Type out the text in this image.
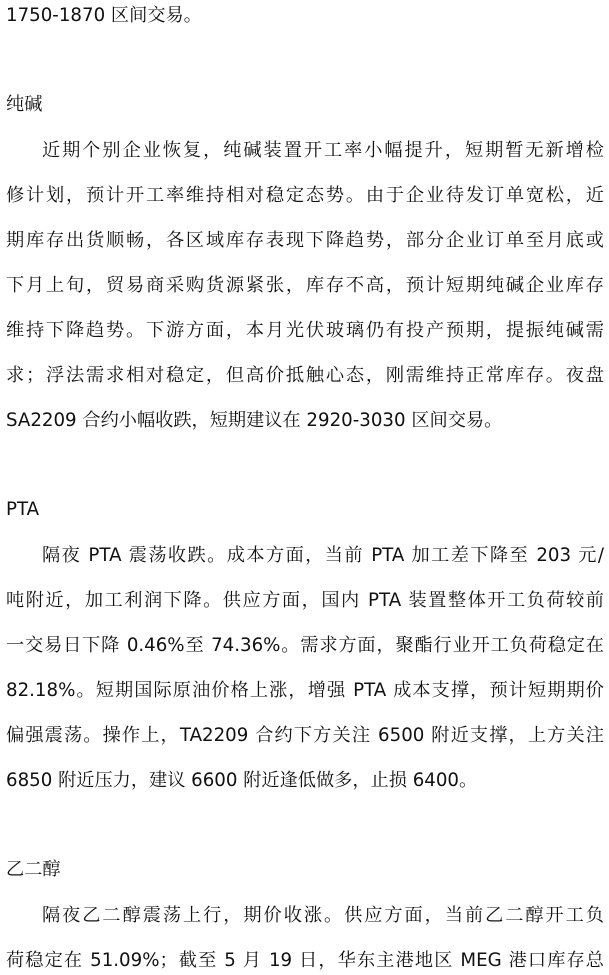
1750-1870 区间交易。
纯碱
近期个别企业恢复，纯碱装置开工率小幅提升，短期暂无新增检
修计划，预计开工率维持相对稳定态势。由于企业待发订单宽松，近
期库存出货顺畅，各区域库存表现下降趋势，部分企业订单至月底或
下月上旬，贸易商采购货源紧张，库存不高，预计短期纯碱企业库存
维持下降趋势。下游方面，本月光伏玻璃仍有投产预期，提振纯碱需
求；浮法需求相对稳定，但高价抵触心态，刚需维持正常库存。夜盘
SA2209 合约小幅收跌，短期建议在 2920-3030 区间交易。
PTA
隔夜 PTA 震荡收跌。成本方面，当前 PTA 加工差下降至 203 元/
吨附近，加工利润下降。供应方面，国内 PTA 装置整体开工负荷较前
一交易日下降 0.46%至 74.36%。需求方面，聚酯行业开工负荷稳定在
82.18%。短期国际原油价格上涨，增强 PTA 成本支撑，预计短期期价
偏强震荡。操作上，TA2209 合约下方关注 6500 附近支撑，上方关注
6850 附近压力，建议 6600 附近逢低做多，止损 6400。
乙二醇
隔夜乙二醇震荡上行，期价收涨。供应方面，当前乙二醇开工负
荷稳定在 51.09%；截至 5 月 19 日，华东主港地区 MEG 港口库存总
